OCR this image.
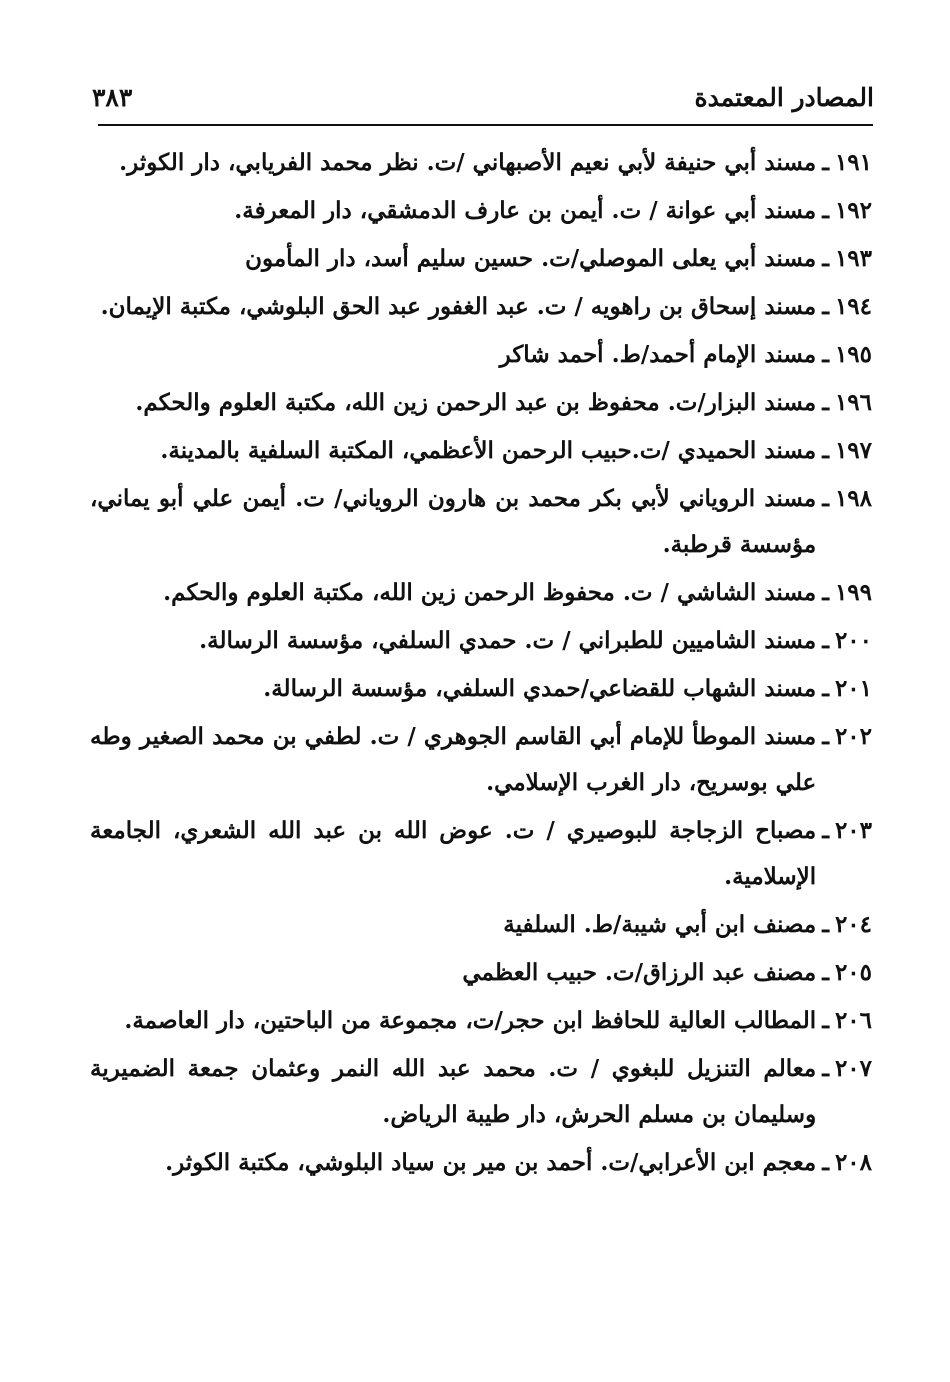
المصادر المعتمدة
٣٨٣
١٩١
ـ
مسند أبي حنيفة لأبي نعيم الأصبهاني /ت. نظر محمد الفريابي، دار الكوثر.
١٩٢
ـ
مسند أبي عوانة / ت. أيمن بن عارف الدمشقي، دار المعرفة.
١٩٣
ـ
مسند أبي يعلى الموصلي/ت. حسين سليم أسد، دار المأمون
١٩٤
ـ
مسند إسحاق بن راهويه / ت. عبد الغفور عبد الحق البلوشي، مكتبة الإيمان.
١٩٥
ـ
مسند الإمام أحمد/ط. أحمد شاكر
١٩٦
ـ
مسند البزار/ت. محفوظ بن عبد الرحمن زين الله، مكتبة العلوم والحكم.
١٩٧
ـ
مسند الحميدي /ت.حبيب الرحمن الأعظمي، المكتبة السلفية بالمدينة.
١٩٨
ـ
مسند الروياني لأبي بكر محمد بن هارون الروياني/ ت. أيمن علي أبو يماني، مؤسسة قرطبة.
١٩٩
ـ
مسند الشاشي / ت. محفوظ الرحمن زين الله، مكتبة العلوم والحكم.
٢٠٠
ـ
مسند الشاميين للطبراني / ت. حمدي السلفي، مؤسسة الرسالة.
٢٠١
ـ
مسند الشهاب للقضاعي/حمدي السلفي، مؤسسة الرسالة.
٢٠٢
ـ
مسند الموطأ للإمام أبي القاسم الجوهري / ت. لطفي بن محمد الصغير وطه علي بوسريح، دار الغرب الإسلامي.
٢٠٣
ـ
مصباح الزجاجة للبوصيري / ت. عوض الله بن عبد الله الشعري، الجامعة الإسلامية.
٢٠٤
ـ
مصنف ابن أبي شيبة/ط. السلفية
٢٠٥
ـ
مصنف عبد الرزاق/ت. حبيب العظمي
٢٠٦
ـ
المطالب العالية للحافظ ابن حجر/ت، مجموعة من الباحتين، دار العاصمة.
٢٠٧
ـ
معالم التنزيل للبغوي / ت. محمد عبد الله النمر وعثمان جمعة الضميرية وسليمان بن مسلم الحرش، دار طيبة الرياض.
٢٠٨
ـ
معجم ابن الأعرابي/ت. أحمد بن مير بن سياد البلوشي، مكتبة الكوثر.
